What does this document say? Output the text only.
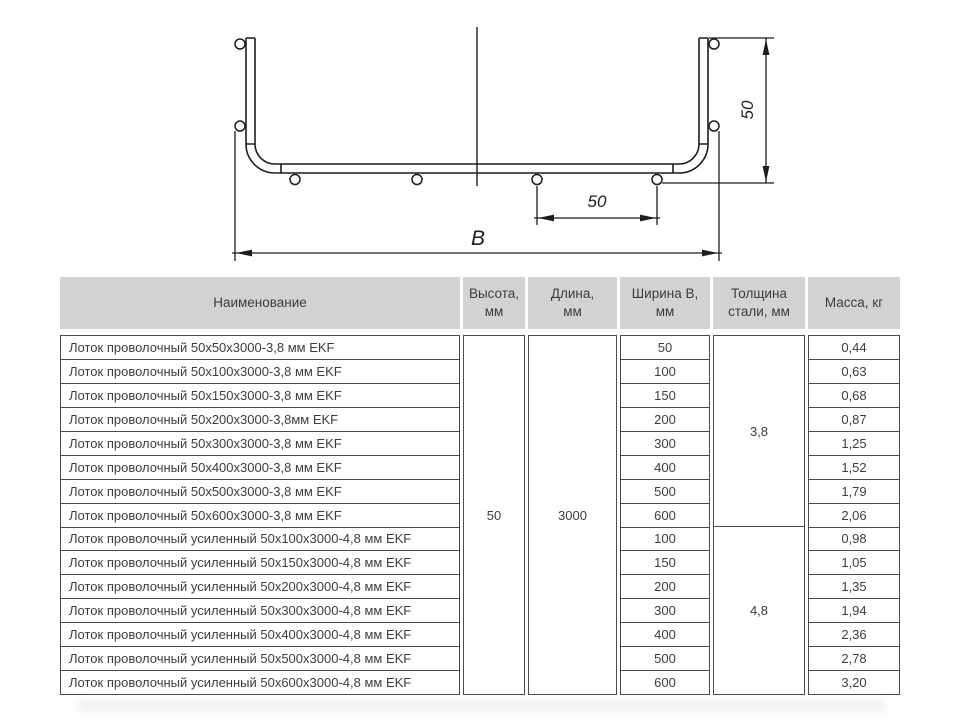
50
50
B
Наименование
Высота,
мм
Длина,
мм
Ширина В,
мм
Толщина
стали, мм
Масса, кг
Лоток проволочный 50х50х3000-3,8 мм EKF
Лоток проволочный 50х100х3000-3,8 мм EKF
Лоток проволочный 50х150х3000-3,8 мм EKF
Лоток проволочный 50х200х3000-3,8мм EKF
Лоток проволочный 50х300х3000-3,8 мм EKF
Лоток проволочный 50х400х3000-3,8 мм EKF
Лоток проволочный 50х500х3000-3,8 мм EKF
Лоток проволочный 50х600х3000-3,8 мм EKF
Лоток проволочный усиленный 50х100х3000-4,8 мм EKF
Лоток проволочный усиленный 50х150х3000-4,8 мм EKF
Лоток проволочный усиленный 50х200х3000-4,8 мм EKF
Лоток проволочный усиленный 50х300х3000-4,8 мм EKF
Лоток проволочный усиленный 50х400х3000-4,8 мм EKF
Лоток проволочный усиленный 50х500х3000-4,8 мм EKF
Лоток проволочный усиленный 50х600х3000-4,8 мм EKF
50	3000
50
100
150
200
300
400
500
600
100
150
200
300
400
500
600
3,8
4,8
0,44
0,63
0,68
0,87
1,25
1,52
1,79
2,06
0,98
1,05
1,35
1,94
2,36
2,78
3,20
